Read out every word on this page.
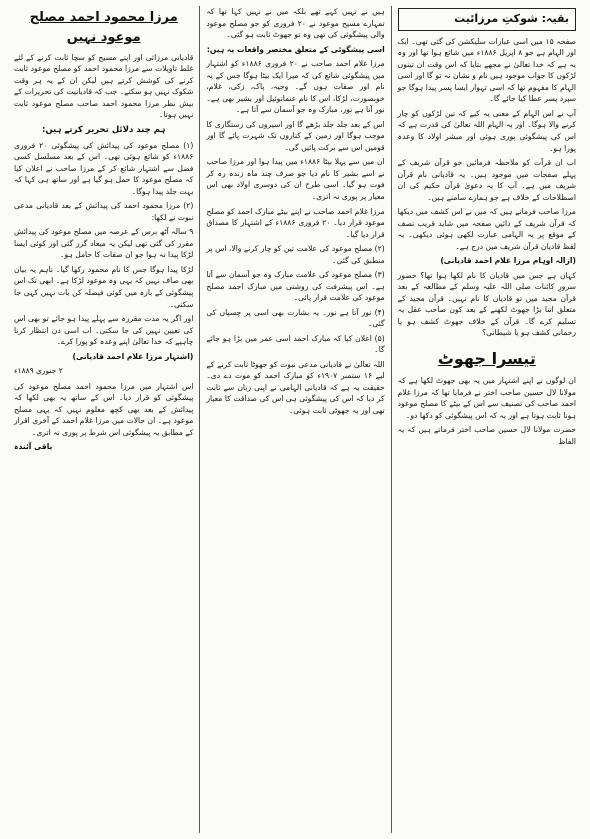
بقیہ: شوکتِ مرزائیت

صفحہ ۱۵ میں اسی عبارات سلیکشن کی گئی تھی۔ ایک اور الہام ہے جو ۸ اپریل ۱۸۸۶ء میں شائع ہوا تھا اور وہ یہ ہے کہ خدا تعالیٰ نے مجھے بتایا کہ اس وقت ان تینوں لڑکوں کا جواب موجود ہیں نام و نشان نہ تو گا اور اسی الہام کا مفہوم تھا کہ اسی تہوار ایسا پسر پیدا ہوگا جو سپرد پسر عطا کیا جائے گا۔

آپ نے اس الہام کے معنی یہ کیے کہ تین لڑکوں کو چار کرنے والا ہوگا۔ اور یہ الہام اللہ تعالیٰ کی قدرت ہے کہ اس کی پیشگوئی پوری ہوئی اور مبشر اولاد کا وعدہ پورا ہو۔

اب ان قرآت کو ملاحظہ فرمائیں جو قرآن شریف کے پہلے صفحات میں موجود ہیں۔ یہ قادیانی نام قرآن شریف میں ہے۔ آپ کا یہ دعویٰ قرآن حکیم کی ان اصطلاحات کے خلاف ہے جو ہمارے سامنے ہیں۔

مرزا صاحب فرماتے ہیں کہ میں نے اس کشف میں دیکھا کہ قرآن شریف کے دائیں صفحہ میں شاید قریب نصف کے موقع پر یہ الہامی عبارت لکھی ہوئی دیکھی۔ یہ لفظ قادیان قرآن شریف میں درج ہے۔

(ازالہ اوہام مرزا غلام احمد قادیانی)

کہاں ہے جس میں قادیان کا نام لکھا ہوا تھا؟ حضور سرورِ کائنات صلی اللہ علیہ وسلم کے مطالعہ کے بعد قرآن مجید میں تو قادیان کا نام نہیں۔ قرآن مجید کے متعلق اتنا بڑا جھوٹ لکھنے کے بعد کون صاحب عقل یہ تسلیم کرے گا۔ قرآن کے خلاف جھوٹ کشف ہو یا رحمانی کشف ہو یا شیطانی؟

تیسرا جھوٹ

ان لوگوں نے اپنے اشتہار میں یہ بھی جھوٹ لکھا ہے کہ مولانا لال حسین صاحب اختر نے فرمایا تھا کہ مرزا غلام احمد صاحب کی تصنیف سے اس کے بیٹے کا مصلح موعود ہونا ثابت ہوتا ہے اور یہ کہ اس پیشگوئی کو دکھا دو۔

حضرت مولانا لال حسین صاحب اختر فرماتے ہیں کہ یہ الفاظ

ہیں نے نہیں کہے تھے بلکہ میں نے نہیں کہا تھا کہ تمہارے مسیح موعود نے ۲۰ فروری کو جو مصلح موعود والی پیشگوئی کی تھی وہ تو جھوٹ ثابت ہو گئی۔

اسی پیشگوئی کے متعلق مختصر واقعات یہ ہیں:

مرزا غلام احمد صاحب نے ۲۰ فروری ۱۸۸۶ء کو اشتہار میں پیشگوئی شائع کی کہ میرا ایک بیٹا ہوگا جس کے یہ نام اور صفات ہوں گے۔ وجیہ، پاک، زکی، غلام، خوبصورت، لڑکا، اس کا نام عنمانوئیل اور بشیر بھی ہے۔ نور آتا ہے نور، مبارک وہ جو آسمان سے آتا ہے۔

اس کے بعد جلد جلد بڑھے گا اور اسیروں کی رستگاری کا موجب ہوگا اور زمین کے کناروں تک شہرت پائے گا اور قومیں اس سے برکت پائیں گی۔

ان میں سے پہلا بیٹا ۱۸۸۶ء میں پیدا ہوا اور مرزا صاحب نے اسے بشیر کا نام دیا جو صرف چند ماہ زندہ رہ کر فوت ہو گیا۔ اسی طرح ان کی دوسری اولاد بھی اس معیار پر پوری نہ اتری۔

مرزا غلام احمد صاحب نے اپنے بیٹے مبارک احمد کو مصلح موعود قرار دیا۔ ۲۰ فروری ۱۸۸۶ء کے اشتہار کا مصداق قرار دیا گیا۔

(۲) مصلح موعود کی علامت تین کو چار کرنے والا، اس پر منطبق کی گئی۔

(۳) مصلح موعود کی علامت مبارک وہ جو آسمان سے آتا ہے۔ اس پیشرفت کی روشنی میں مبارک احمد مصلح موعود کی علامت قرار پائی۔

(۴) نور آتا ہے نور۔ یہ بشارت بھی اسی پر چسپاں کی گئی۔

(۵) اعلان کیا کہ مبارک احمد اسی عمر میں بڑا ہو جائے گا۔

اللہ تعالیٰ نے قادیانی مدعی نبوت کو جھوٹا ثابت کرنے کے لیے ۱۶ ستمبر ۱۹۰۷ء کو مبارک احمد کو موت دے دی۔ حقیقت یہ ہے کہ قادیانی الہامی نے اپنی زبان سے ثابت کر دیا کہ اس کی پیشگوئی ہی اس کی صداقت کا معیار تھی اور یہ جھوٹی ثابت ہوئی۔

مرزا محمود احمد مصلح موعود نہیں

قادیانی مرزائی اور اپنے مسیح کو سچا ثابت کرنے کے لئے غلط تاویلات سے مرزا محمود احمد کو مصلح موعود ثابت کرنے کی کوشش کرتے ہیں لیکن ان کے یہ ہر وقت شکوک نہیں ہو سکتے۔ جب کہ قادیانیت کی تحریرات کے بیش نظر مرزا محمود احمد صاحب مصلح موعود ثابت نہیں ہوتا۔

ہم چند دلائل تحریر کرتے ہیں:

(۱) مصلح موعود کی پیدائش کی پیشگوئی ۲۰ فروری ۱۸۸۶ء کو شائع ہوئی تھی۔ اس کے بعد مسلسل کسی فضل سے اشتہار شائع کر کے مرزا صاحب نے اعلان کیا کہ مصلح موعود کا حمل ہو گیا ہے اور ساتھ ہی کہا کہ بہت جلد پیدا ہوگا۔

(۲) مرزا محمود احمد کی پیدائش کے بعد قادیانی مدعی نبوت نے لکھا:

۹ سالہ آٹھ برس کے عرصہ میں مصلح موعود کی پیدائش مقرر کی گئی تھی لیکن یہ میعاد گزر گئی اور کوئی ایسا لڑکا پیدا نہ ہوا جو ان صفات کا حامل ہو۔

لڑکا پیدا ہوگا جس کا نام محمود رکھا گیا۔ تاہم یہ بیان بھی صاف نہیں کہ یہی وہ موعود لڑکا ہے۔ ابھی تک اس پیشگوئی کے بارہ میں کوئی فیصلہ کن بات نہیں کہی جا سکتی۔

اور اگر یہ مدت مقررہ سے پہلے پیدا ہو جائے تو بھی اس کی تعیین نہیں کی جا سکتی۔ اب اسی دن انتظار کرنا چاہیے کہ خدا تعالیٰ اپنے وعدہ کو پورا کرے۔

(اشتہار مرزا غلام احمد قادیانی)

۲ جنوری ۱۸۸۹ء

اس اشتہار میں مرزا محمود احمد مصلح موعود کی پیشگوئی کو قرار دیا۔ اس کے ساتھ یہ بھی لکھا کہ پیدائش کے بعد بھی کچھ معلوم نہیں کہ یہی مصلح موعود ہے۔ ان حالات میں مرزا غلام احمد کے آخری اقرار کے مطابق یہ پیشگوئی اس شرط پر پوری نہ اتری۔

باقی آئندہ
